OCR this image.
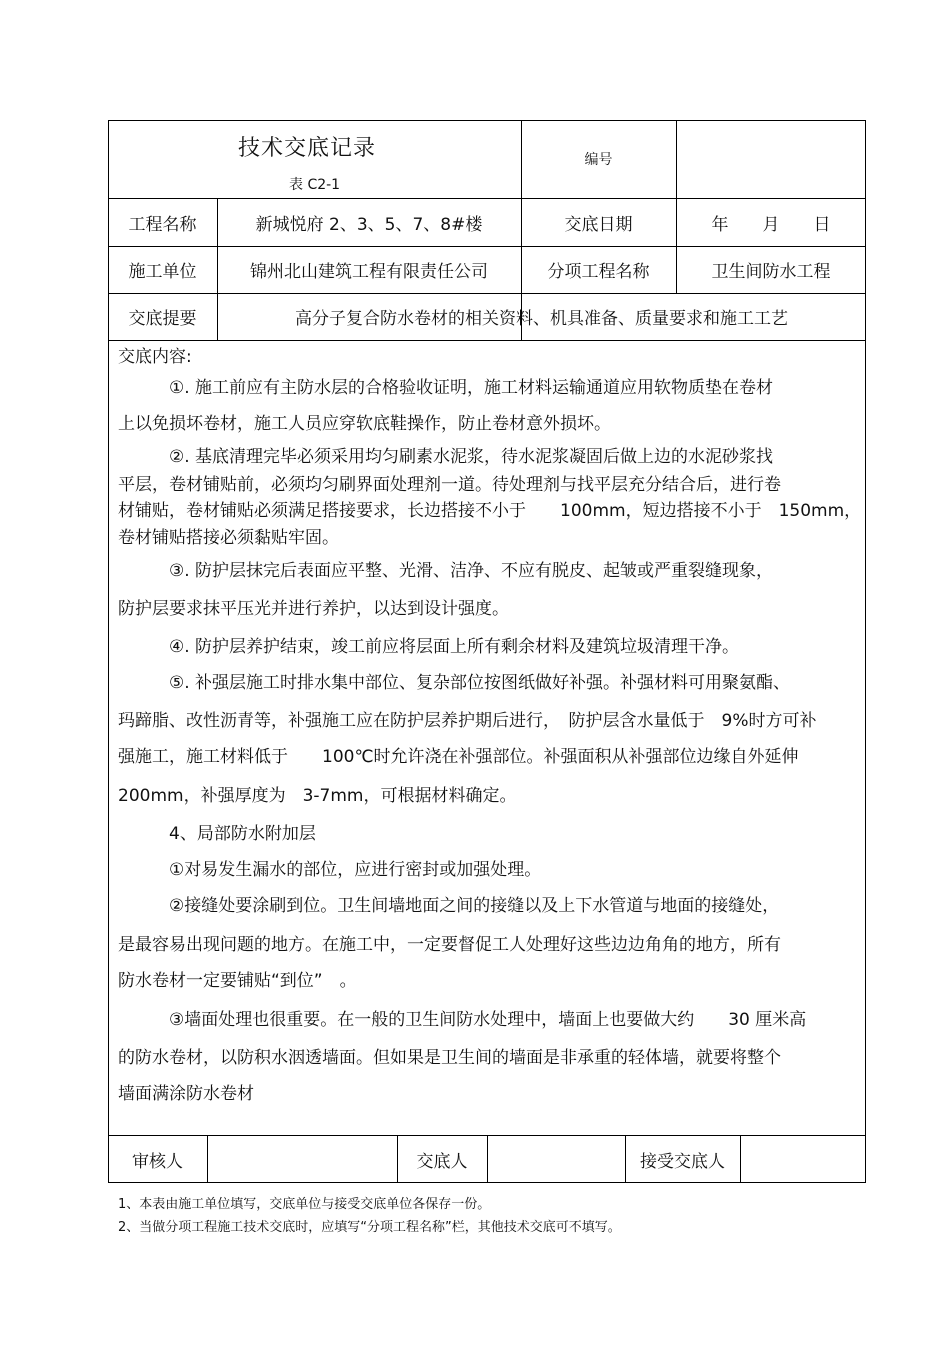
技术交底记录
表 C2-1
编号
工程名称	新城悦府 2、3、5、7、8#楼	交底日期	年　　月　　日
施工单位	锦州北山建筑工程有限责任公司	分项工程名称	卫生间防水工程
交底提要	高分子复合防水卷材的相关资料、机具准备、质量要求和施工工艺
交底内容:
　　　①. 施工前应有主防水层的合格验收证明，施工材料运输通道应用软物质垫在卷材
上以免损坏卷材，施工人员应穿软底鞋操作，防止卷材意外损坏。
　　　②. 基底清理完毕必须采用均匀刷素水泥浆，待水泥浆凝固后做上边的水泥砂浆找
平层，卷材铺贴前，必须均匀刷界面处理剂一道。待处理剂与找平层充分结合后，进行卷
材铺贴，卷材铺贴必须满足搭接要求，长边搭接不小于　　100mm，短边搭接不小于　150mm，
卷材铺贴搭接必须黏贴牢固。
　　　③. 防护层抹完后表面应平整、光滑、洁净、不应有脱皮、起皱或严重裂缝现象，
防护层要求抹平压光并进行养护，以达到设计强度。
　　　④. 防护层养护结束，竣工前应将层面上所有剩余材料及建筑垃圾清理干净。
　　　⑤. 补强层施工时排水集中部位、复杂部位按图纸做好补强。补强材料可用聚氨酯、
玛蹄脂、改性沥青等，补强施工应在防护层养护期后进行，　防护层含水量低于　9%时方可补
强施工，施工材料低于　　100℃时允许浇在补强部位。补强面积从补强部位边缘自外延伸
200mm，补强厚度为　3-7mm，可根据材料确定。
　　　4、局部防水附加层
　　　①对易发生漏水的部位，应进行密封或加强处理。
　　　②接缝处要涂刷到位。卫生间墙地面之间的接缝以及上下水管道与地面的接缝处，
是最容易出现问题的地方。在施工中，一定要督促工人处理好这些边边角角的地方，所有
防水卷材一定要铺贴“到位”　。
　　　③墙面处理也很重要。在一般的卫生间防水处理中，墙面上也要做大约　　30 厘米高
的防水卷材，以防积水洇透墙面。但如果是卫生间的墙面是非承重的轻体墙，就要将整个
墙面满涂防水卷材
审核人	交底人	接受交底人
1、本表由施工单位填写，交底单位与接受交底单位各保存一份。
2、当做分项工程施工技术交底时，应填写“分项工程名称”栏，其他技术交底可不填写。
